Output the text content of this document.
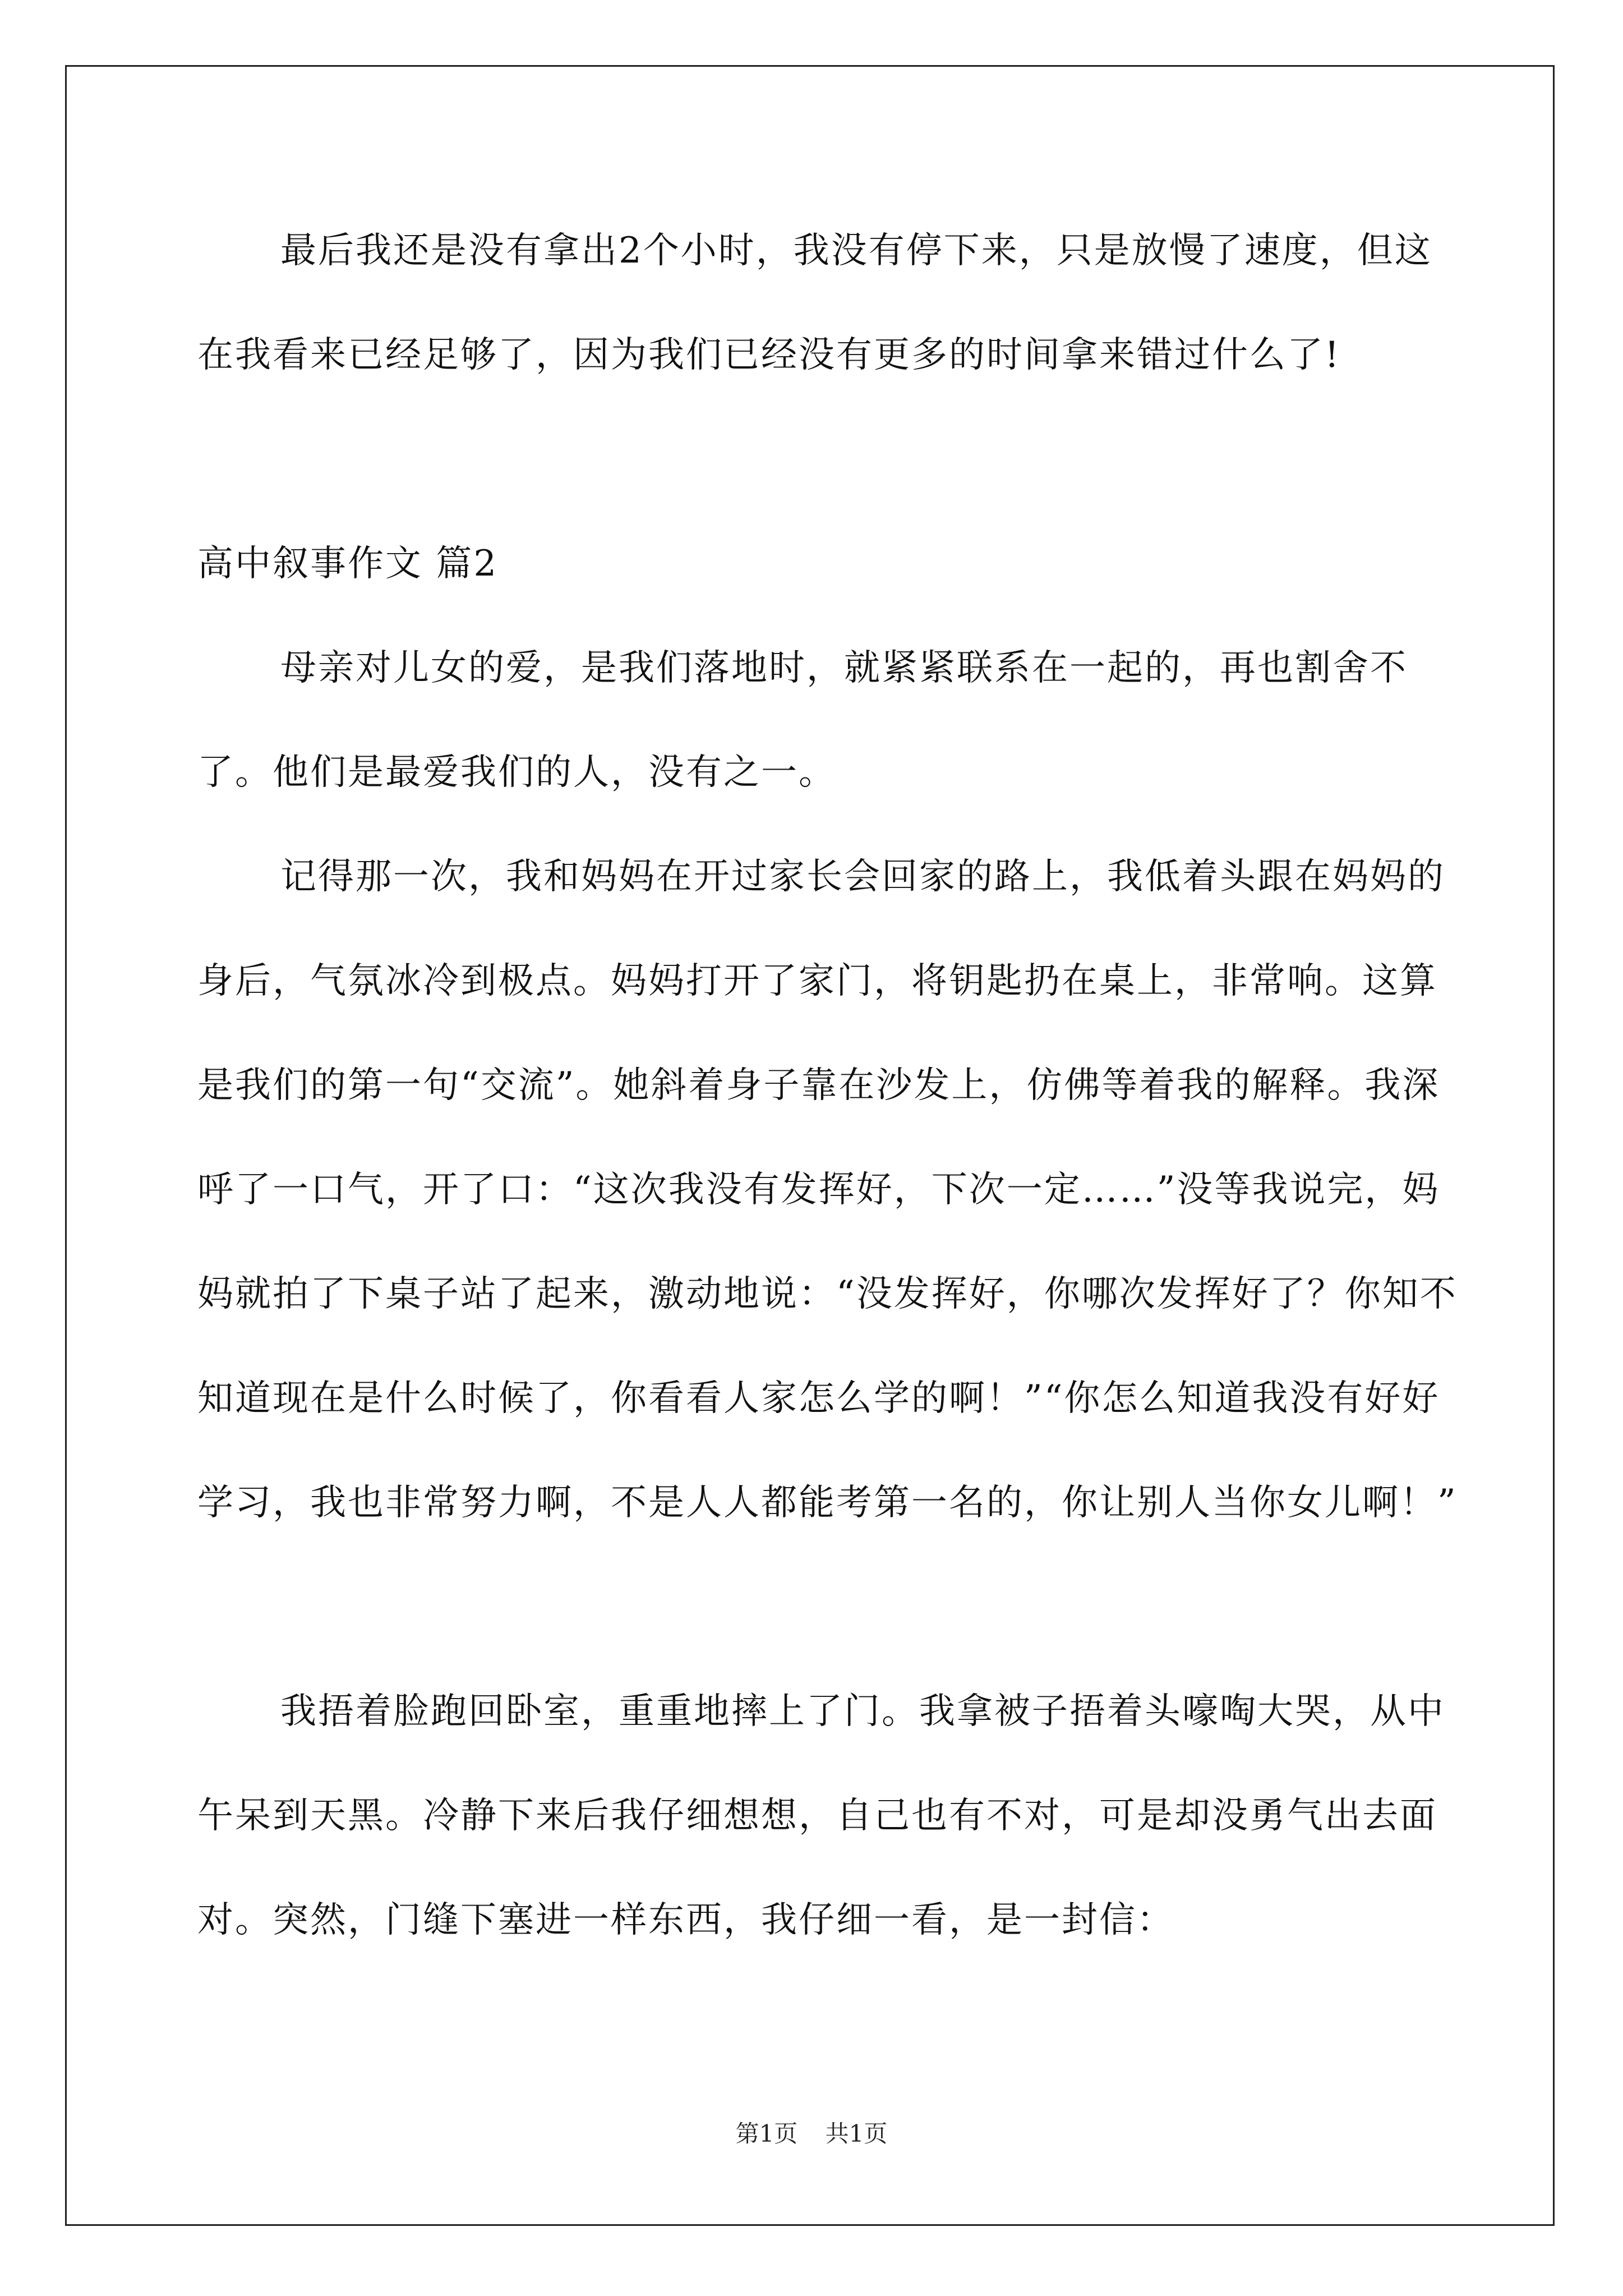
最后我还是没有拿出2个小时，我没有停下来，只是放慢了速度，但这在我看来已经足够了，因为我们已经没有更多的时间拿来错过什么了!

高中叙事作文 篇2

母亲对儿女的爱，是我们落地时，就紧紧联系在一起的，再也割舍不了。他们是最爱我们的人，没有之一。

记得那一次，我和妈妈在开过家长会回家的路上，我低着头跟在妈妈的身后，气氛冰冷到极点。妈妈打开了家门，将钥匙扔在桌上，非常响。这算是我们的第一句“交流”。她斜着身子靠在沙发上，仿佛等着我的解释。我深呼了一口气，开了口：“这次我没有发挥好，下次一定……”没等我说完，妈妈就拍了下桌子站了起来，激动地说：“没发挥好，你哪次发挥好了？你知不知道现在是什么时候了，你看看人家怎么学的啊！”“你怎么知道我没有好好学习，我也非常努力啊，不是人人都能考第一名的，你让别人当你女儿啊！”

我捂着脸跑回卧室，重重地摔上了门。我拿被子捂着头嚎啕大哭，从中午呆到天黑。冷静下来后我仔细想想，自己也有不对，可是却没勇气出去面对。突然，门缝下塞进一样东西，我仔细一看，是一封信：

第1页 共1页
